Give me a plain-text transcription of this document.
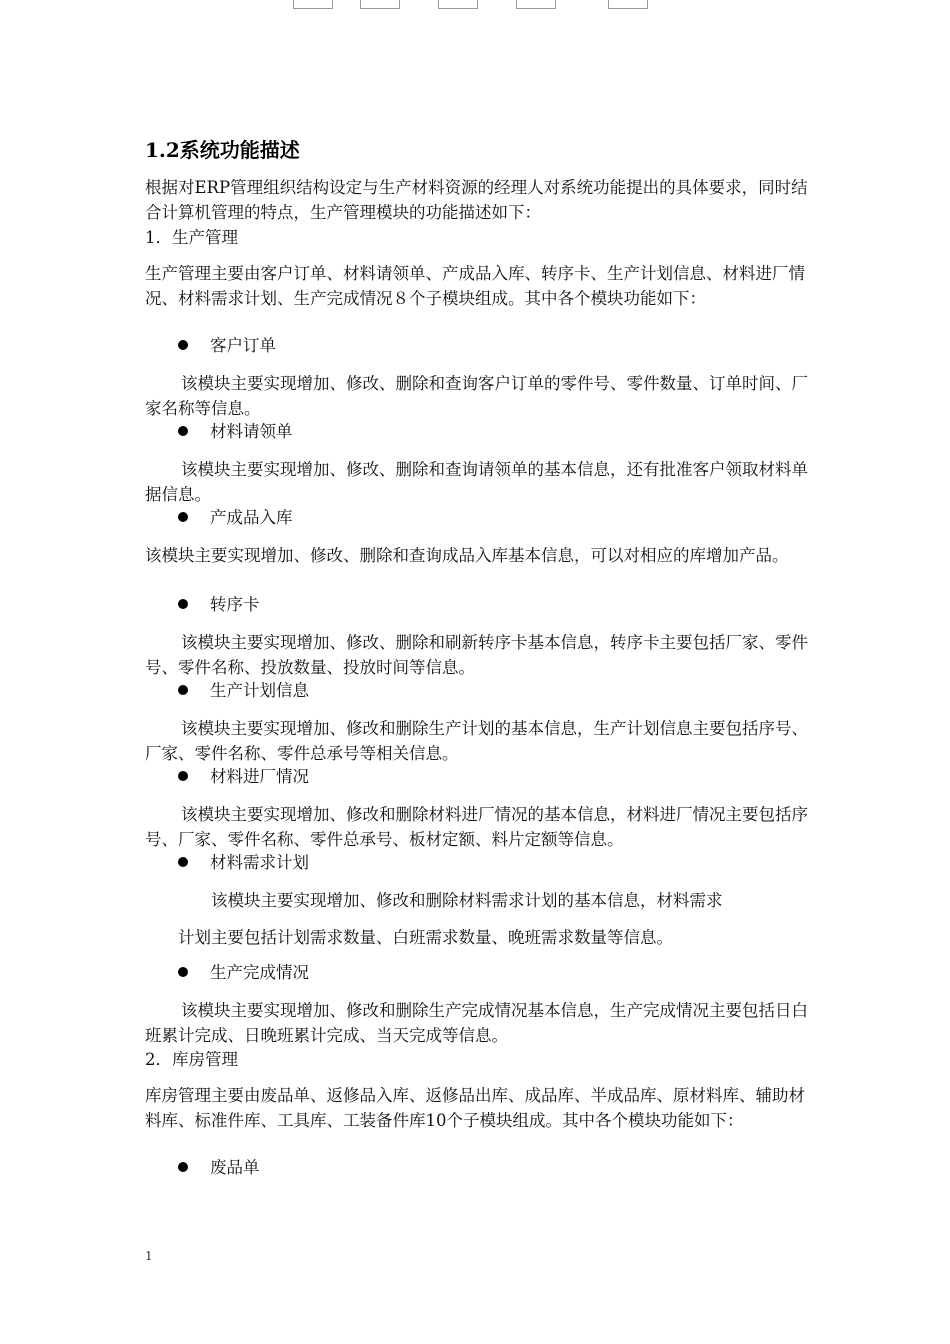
1.2系统功能描述

根据对ERP管理组织结构设定与生产材料资源的经理人对系统功能提出的具体要求，同时结合计算机管理的特点，生产管理模块的功能描述如下：

1．生产管理

生产管理主要由客户订单、材料请领单、产成品入库、转序卡、生产计划信息、材料进厂情况、材料需求计划、生产完成情况８个子模块组成。其中各个模块功能如下：

客户订单

该模块主要实现增加、修改、删除和查询客户订单的零件号、零件数量、订单时间、厂家名称等信息。

材料请领单

该模块主要实现增加、修改、删除和查询请领单的基本信息，还有批准客户领取材料单据信息。

产成品入库

该模块主要实现增加、修改、删除和查询成品入库基本信息，可以对相应的库增加产品。

转序卡

该模块主要实现增加、修改、删除和刷新转序卡基本信息，转序卡主要包括厂家、零件号、零件名称、投放数量、投放时间等信息。

生产计划信息

该模块主要实现增加、修改和删除生产计划的基本信息，生产计划信息主要包括序号、厂家、零件名称、零件总承号等相关信息。

材料进厂情况

该模块主要实现增加、修改和删除材料进厂情况的基本信息，材料进厂情况主要包括序号、厂家、零件名称、零件总承号、板材定额、料片定额等信息。

材料需求计划

该模块主要实现增加、修改和删除材料需求计划的基本信息，材料需求

计划主要包括计划需求数量、白班需求数量、晚班需求数量等信息。

生产完成情况

该模块主要实现增加、修改和删除生产完成情况基本信息，生产完成情况主要包括日白班累计完成、日晚班累计完成、当天完成等信息。

2．库房管理

库房管理主要由废品单、返修品入库、返修品出库、成品库、半成品库、原材料库、辅助材料库、标准件库、工具库、工装备件库10个子模块组成。其中各个模块功能如下：

废品单
1
